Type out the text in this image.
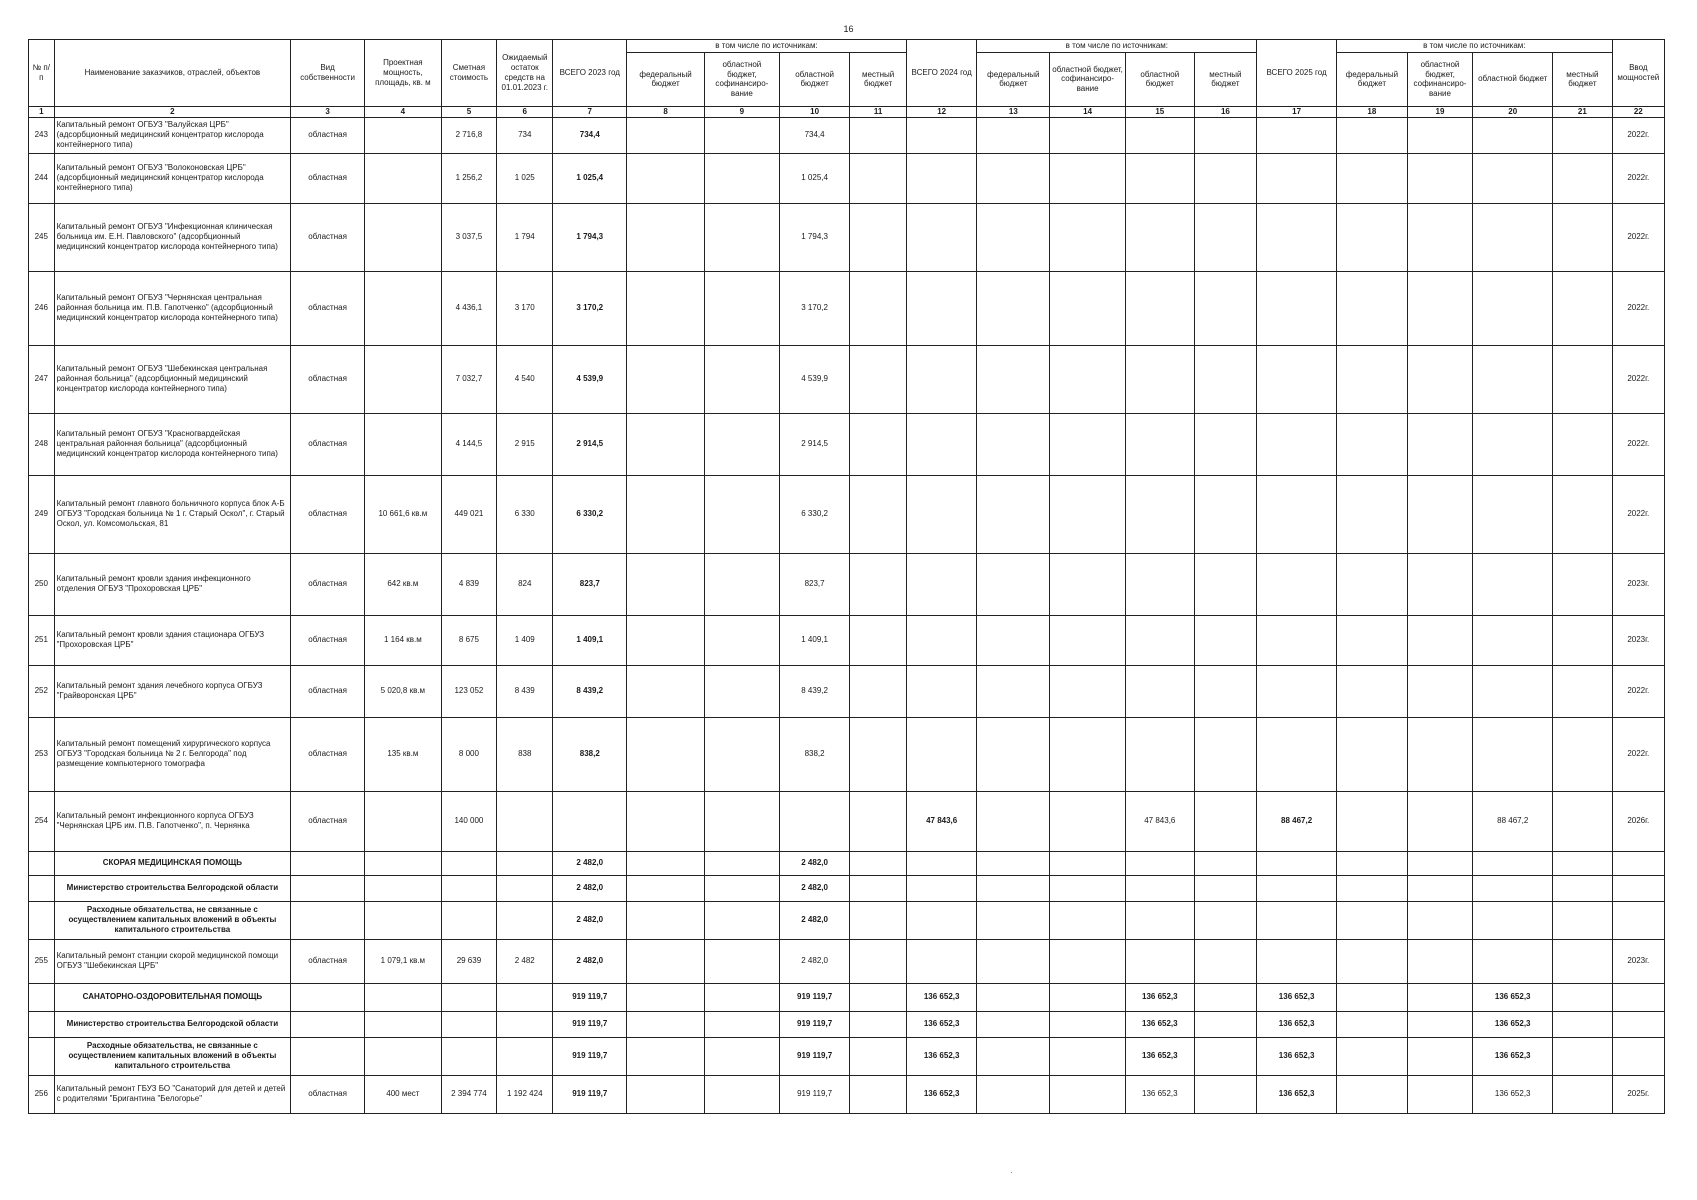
16
№ п/п	Наименование заказчиков, отраслей, объектов	Вид собственности	Проектная мощность, площадь, кв. м	Сметная стоимость	Ожидаемый остаток средств на 01.01.2023 г.	ВСЕГО 2023 год	в том числе по источникам:				ВСЕГО 2024 год	в том числе по источникам:				ВСЕГО 2025 год	в том числе по источникам:				Ввод мощностей
							федеральный бюджет	областной бюджет, софинансиро-вание	областной бюджет	местный бюджет		федеральный бюджет	областной бюджет, софинансиро-вание	областной бюджет	местный бюджет		федеральный бюджет	областной бюджет, софинансиро-вание	областной бюджет	местный бюджет	
1	2	3	4	5	6	7	8	9	10	11	12	13	14	15	16	17	18	19	20	21	22
243	Капитальный ремонт ОГБУЗ "Валуйская ЦРБ" (адсорбционный медицинский концентратор кислорода контейнерного типа)	областная		2 716,8	734	734,4			734,4												2022г.
244	Капитальный ремонт ОГБУЗ "Волоконовская ЦРБ" (адсорбционный медицинский концентратор кислорода контейнерного типа)	областная		1 256,2	1 025	1 025,4			1 025,4												2022г.
245	Капитальный ремонт ОГБУЗ "Инфекционная клиническая больница им. Е.Н. Павловского" (адсорбционный медицинский концентратор кислорода контейнерного типа)	областная		3 037,5	1 794	1 794,3			1 794,3												2022г.
246	Капитальный ремонт ОГБУЗ "Чернянская центральная районная больница им. П.В. Гапотченко" (адсорбционный медицинский концентратор кислорода контейнерного типа)	областная		4 436,1	3 170	3 170,2			3 170,2												2022г.
247	Капитальный ремонт ОГБУЗ "Шебекинская центральная районная больница" (адсорбционный медицинский концентратор кислорода контейнерного типа)	областная		7 032,7	4 540	4 539,9			4 539,9												2022г.
248	Капитальный ремонт ОГБУЗ "Красногвардейская центральная районная больница" (адсорбционный медицинский концентратор кислорода контейнерного типа)	областная		4 144,5	2 915	2 914,5			2 914,5												2022г.
249	Капитальный ремонт главного больничного корпуса блок А-Б ОГБУЗ "Городская больница № 1 г. Старый Оскол", г. Старый Оскол, ул. Комсомольская, 81	областная	10 661,6 кв.м	449 021	6 330	6 330,2			6 330,2												2022г.
250	Капитальный ремонт кровли здания инфекционного отделения ОГБУЗ "Прохоровская ЦРБ"	областная	642 кв.м	4 839	824	823,7			823,7												2023г.
251	Капитальный ремонт кровли здания стационара ОГБУЗ "Прохоровская ЦРБ"	областная	1 164 кв.м	8 675	1 409	1 409,1			1 409,1												2023г.
252	Капитальный ремонт здания лечебного корпуса ОГБУЗ "Грайворонская ЦРБ"	областная	5 020,8 кв.м	123 052	8 439	8 439,2			8 439,2												2022г.
253	Капитальный ремонт помещений хирургического корпуса ОГБУЗ "Городская больница № 2 г. Белгорода" под размещение компьютерного томографа	областная	135 кв.м	8 000	838	838,2			838,2												2022г.
254	Капитальный ремонт инфекционного корпуса ОГБУЗ "Чернянская ЦРБ им. П.В. Гапотченко", п. Чернянка	областная		140 000							47 843,6			47 843,6		88 467,2			88 467,2		2026г.
	СКОРАЯ МЕДИЦИНСКАЯ ПОМОЩЬ					2 482,0			2 482,0												
	Министерство строительства Белгородской области					2 482,0			2 482,0												
	Расходные обязательства, не связанные с осуществлением капитальных вложений в объекты капитального строительства					2 482,0			2 482,0												
255	Капитальный ремонт станции скорой медицинской помощи ОГБУЗ "Шебекинская ЦРБ"	областная	1 079,1 кв.м	29 639	2 482	2 482,0			2 482,0												2023г.
	САНАТОРНО-ОЗДОРОВИТЕЛЬНАЯ ПОМОЩЬ					919 119,7			919 119,7		136 652,3			136 652,3		136 652,3			136 652,3		
	Министерство строительства Белгородской области					919 119,7			919 119,7		136 652,3			136 652,3		136 652,3			136 652,3		
	Расходные обязательства, не связанные с осуществлением капитальных вложений в объекты капитального строительства					919 119,7			919 119,7		136 652,3			136 652,3		136 652,3			136 652,3		
256	Капитальный ремонт ГБУЗ БО "Санаторий для детей и детей с родителями "Бригантина "Белогорье"	областная	400 мест	2 394 774	1 192 424	919 119,7			919 119,7		136 652,3			136 652,3		136 652,3			136 652,3		2025г.
·
